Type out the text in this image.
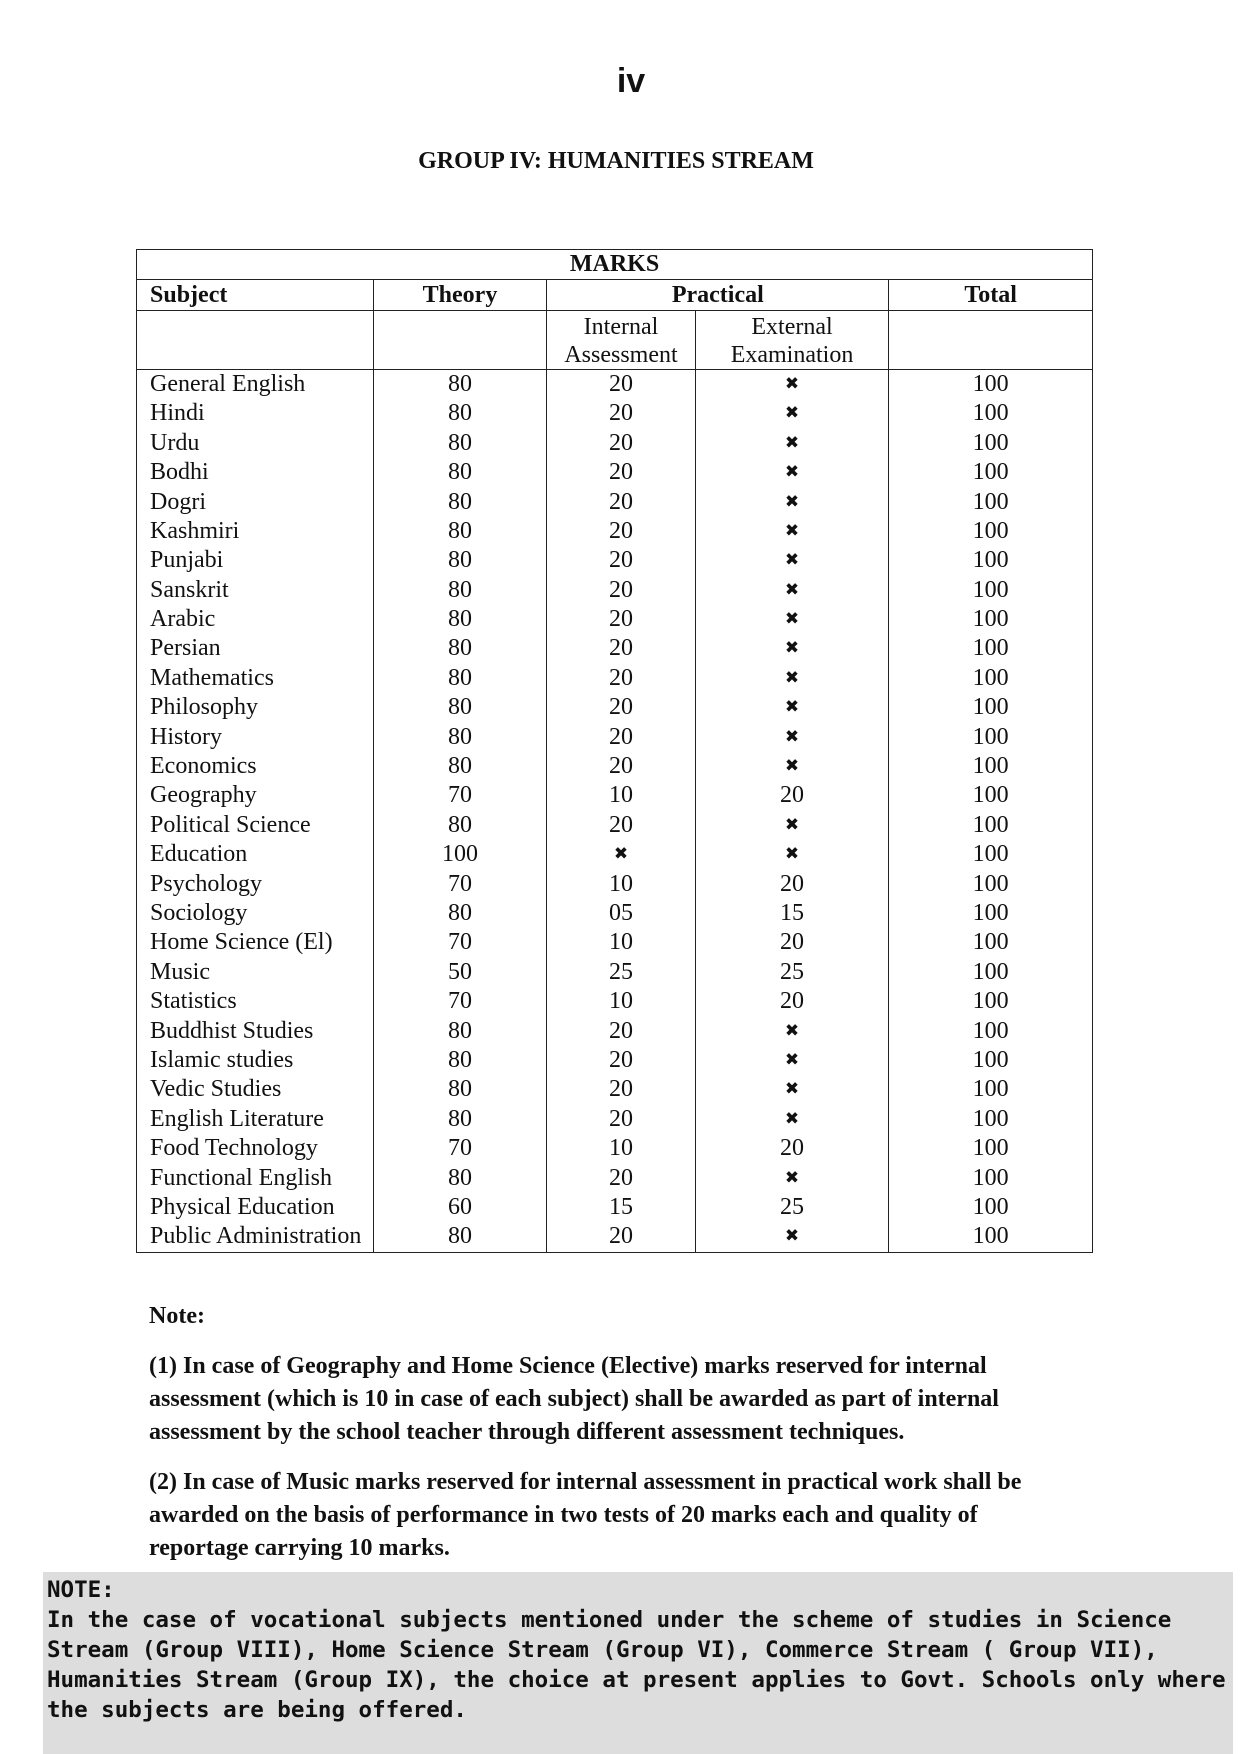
iv
GROUP IV: HUMANITIES STREAM
MARKS				
Subject	Theory	Practical		Total
		Internal Assessment	External Examination	
General English	80	20	✖	100
Hindi	80	20	✖	100
Urdu	80	20	✖	100
Bodhi	80	20	✖	100
Dogri	80	20	✖	100
Kashmiri	80	20	✖	100
Punjabi	80	20	✖	100
Sanskrit	80	20	✖	100
Arabic	80	20	✖	100
Persian	80	20	✖	100
Mathematics	80	20	✖	100
Philosophy	80	20	✖	100
History	80	20	✖	100
Economics	80	20	✖	100
Geography	70	10	20	100
Political Science	80	20	✖	100
Education	100	✖	✖	100
Psychology	70	10	20	100
Sociology	80	05	15	100
Home Science (El)	70	10	20	100
Music	50	25	25	100
Statistics	70	10	20	100
Buddhist Studies	80	20	✖	100
Islamic studies	80	20	✖	100
Vedic Studies	80	20	✖	100
English Literature	80	20	✖	100
Food Technology	70	10	20	100
Functional English	80	20	✖	100
Physical Education	60	15	25	100
Public Administration	80	20	✖	100

Note:

(1) In case of Geography and Home Science (Elective) marks reserved for internal assessment (which is 10 in case of each subject) shall be awarded as part of internal assessment by the school teacher through different assessment techniques.

(2) In case of Music marks reserved for internal assessment in practical work shall be awarded on the basis of performance in two tests of 20 marks each and quality of reportage carrying 10 marks.

NOTE:
In the case of vocational subjects mentioned under the scheme of studies in Science Stream (Group VIII), Home Science Stream (Group VI), Commerce Stream ( Group VII), Humanities Stream (Group IX), the choice at present applies to Govt. Schools only where the subjects are being offered.
